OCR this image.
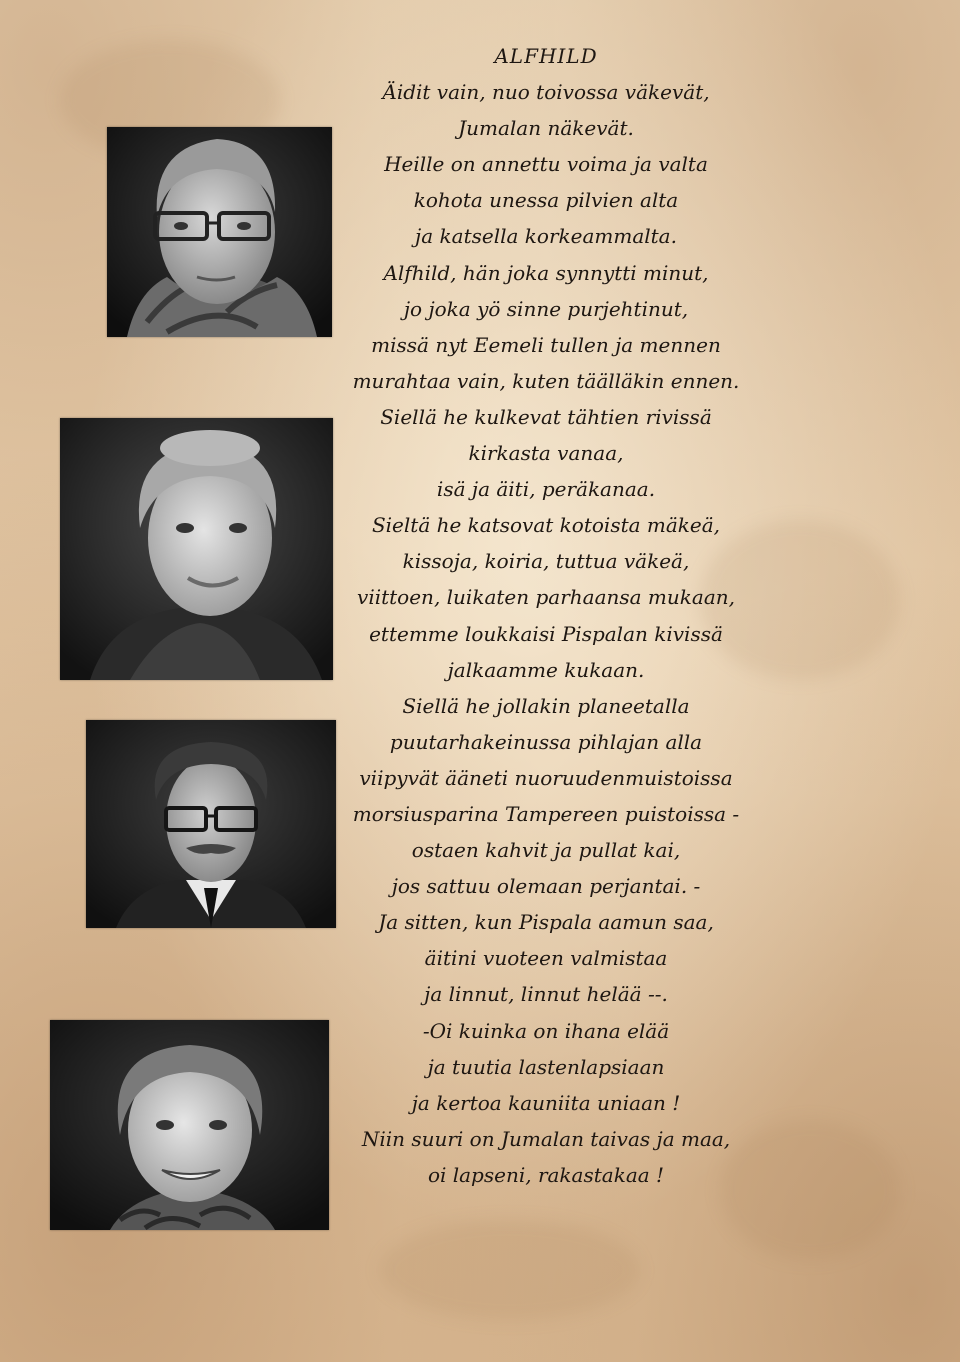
ALFHILD
Äidit vain, nuo toivossa väkevät,
Jumalan näkevät.
Heille on annettu voima ja valta
kohota unessa pilvien alta
ja katsella korkeammalta.
Alfhild, hän joka synnytti minut,
jo joka yö sinne purjehtinut,
missä nyt Eemeli tullen ja mennen
murahtaa vain, kuten täälläkin ennen.
Siellä he kulkevat tähtien rivissä
kirkasta vanaa,
isä ja äiti, peräkanaa.
Sieltä he katsovat kotoista mäkeä,
kissoja, koiria, tuttua väkeä,
viittoen, luikaten parhaansa mukaan,
ettemme loukkaisi Pispalan kivissä
jalkaamme kukaan.
Siellä he jollakin planeetalla
puutarhakeinussa pihlajan alla
viipyvät ääneti nuoruudenmuistoissa
morsiusparina Tampereen puistoissa -
ostaen kahvit ja pullat kai,
jos sattuu olemaan perjantai. -
Ja sitten, kun Pispala aamun saa,
äitini vuoteen valmistaa
ja linnut, linnut helää --.
-Oi kuinka on ihana elää
ja tuutia lastenlapsiaan
ja kertoa kauniita uniaan !
Niin suuri on Jumalan taivas ja maa,
oi lapseni, rakastakaa !
